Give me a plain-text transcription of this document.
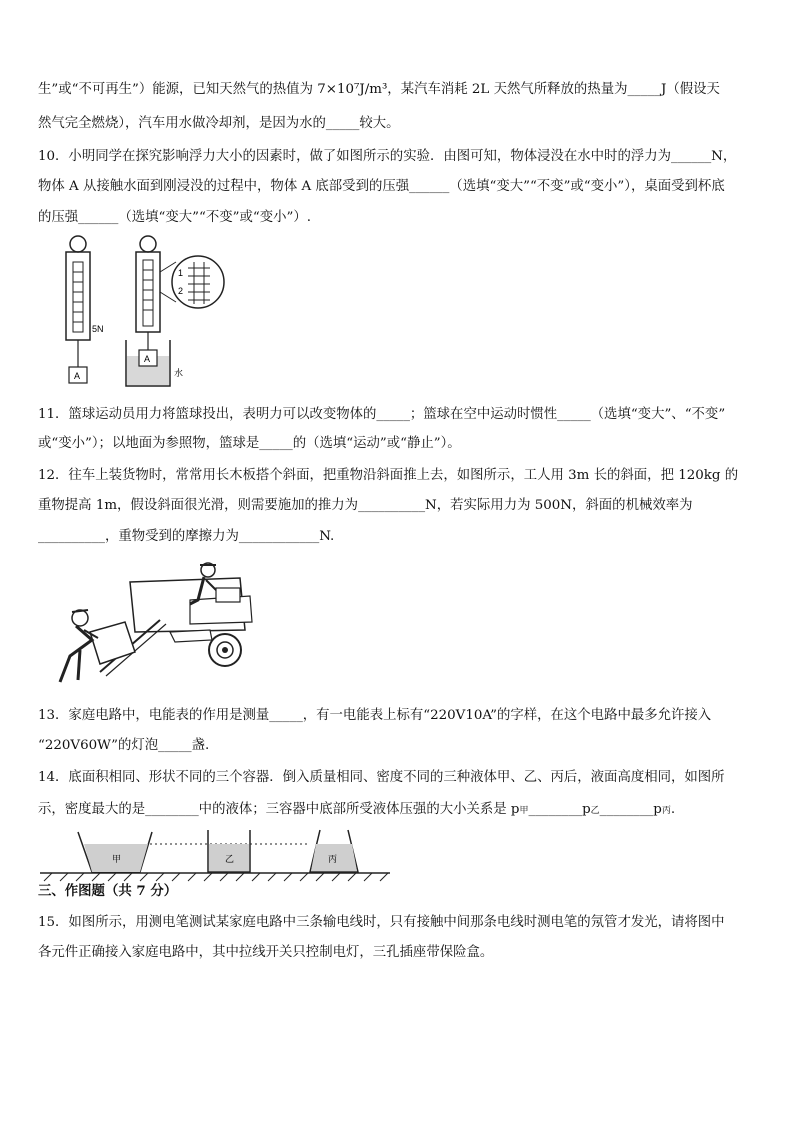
生”或“不可再生”）能源，已知天然气的热值为 7×10⁷J/m³，某汽车消耗 2L 天然气所释放的热量为_____J（假设天
然气完全燃烧），汽车用水做冷却剂，是因为水的_____较大。
10．小明同学在探究影响浮力大小的因素时，做了如图所示的实验．由图可知，物体浸没在水中时的浮力为______N，
物体 A 从接触水面到刚浸没的过程中，物体 A 底部受到的压强______（选填“变大”“不变”或“变小”），桌面受到杯底
的压强______（选填“变大”“不变”或“变小”）.
5N
A
A
水
1
2
11．篮球运动员用力将篮球投出，表明力可以改变物体的_____；篮球在空中运动时惯性_____（选填“变大”、“不变”
或“变小”）；以地面为参照物，篮球是_____的（选填“运动”或“静止”）。
12．往车上装货物时，常常用长木板搭个斜面，把重物沿斜面推上去，如图所示，工人用 3m 长的斜面，把 120kg 的
重物提高 1m，假设斜面很光滑，则需要施加的推力为__________N，若实际用力为 500N，斜面的机械效率为
__________，重物受到的摩擦力为____________N.
13．家庭电路中，电能表的作用是测量_____，有一电能表上标有“220V10A”的字样，在这个电路中最多允许接入
“220V60W”的灯泡_____盏.
14．底面积相同、形状不同的三个容器．倒入质量相同、密度不同的三种液体甲、乙、丙后，液面高度相同，如图所
示，密度最大的是________中的液体；三容器中底部所受液体压强的大小关系是 p甲________p乙________p丙.
甲	乙	丙
三、作图题（共 7 分）
15．如图所示，用测电笔测试某家庭电路中三条输电线时，只有接触中间那条电线时测电笔的氖管才发光，请将图中
各元件正确接入家庭电路中，其中拉线开关只控制电灯，三孔插座带保险盒。
